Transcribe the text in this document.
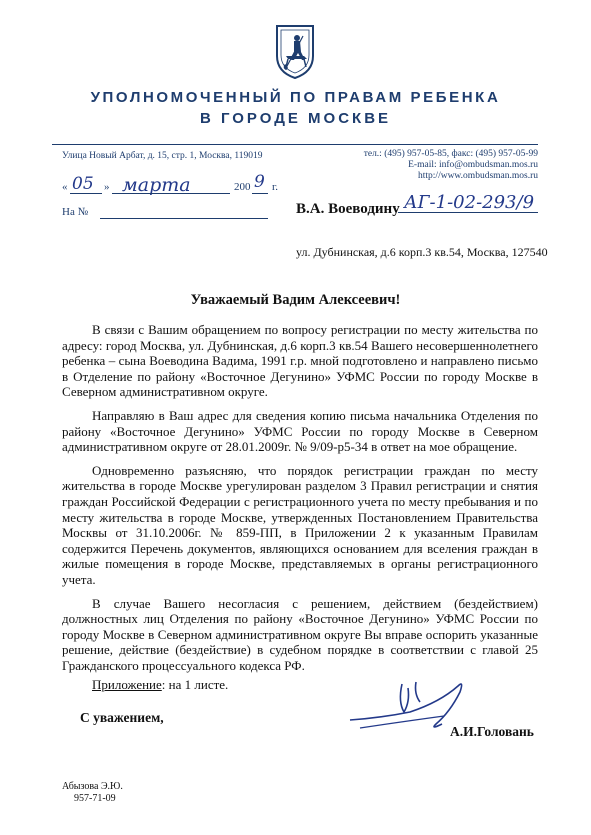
УПОЛНОМОЧЕННЫЙ ПО ПРАВАМ РЕБЕНКА
В ГОРОДЕ МОСКВЕ
Улица Новый Арбат, д. 15, стр. 1, Москва, 119019	тел.: (495) 957-05-85, факс: (495) 957-05-99
E-mail: info@ombudsman.mos.ru
http://www.ombudsman.mos.ru
« 05 » марта	200 9 г.
На №	АГ-1-02-293/9
В.А. Воеводину
ул. Дубнинская, д.6 корп.3 кв.54, Москва, 127540
Уважаемый Вадим Алексеевич!

В связи с Вашим обращением по вопросу регистрации по месту жительства по адресу: город Москва, ул. Дубнинская, д.6 корп.3 кв.54 Вашего несовершеннолетнего ребенка – сына Воеводина Вадима, 1991 г.р. мной подготовлено и направлено письмо в Отделение по району «Восточное Дегунино» УФМС России по городу Москве в Северном административном округе.

Направляю в Ваш адрес для сведения копию письма начальника Отделения по району «Восточное Дегунино» УФМС России по городу Москве в Северном административном округе от 28.01.2009г. № 9/09-р5-34 в ответ на мое обращение.

Одновременно разъясняю, что порядок регистрации граждан по месту жительства в городе Москве урегулирован разделом 3 Правил регистрации и снятия граждан Российской Федерации с регистрационного учета по месту пребывания и по месту жительства в городе Москве, утвержденных Постановлением Правительства Москвы от 31.10.2006г. № 859-ПП, в Приложении 2 к указанным Правилам содержится Перечень документов, являющихся основанием для вселения граждан в жилые помещения в городе Москве, представляемых в органы регистрационного учета.

В случае Вашего несогласия с решением, действием (бездействием) должностных лиц Отделения по району «Восточное Дегунино» УФМС России по городу Москве в Северном административном округе Вы вправе оспорить указанные решение, действие (бездействие) в судебном порядке в соответствии с главой 25 Гражданского процессуального кодекса РФ.

Приложение: на 1 листе.

С уважением,
А.И.Головань
Абызова Э.Ю.
957-71-09
